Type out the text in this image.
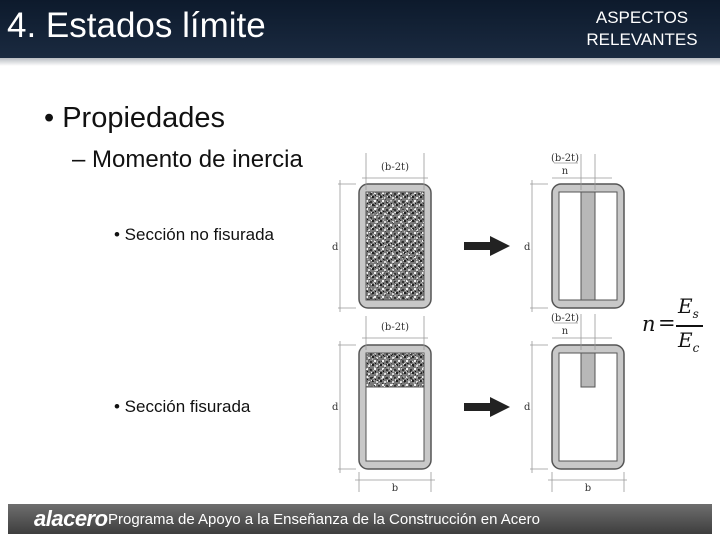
4. Estados límite	ASPECTOS
RELEVANTES
• Propiedades
– Momento de inercia
• Sección no fisurada
• Sección fisurada
(b-2t)
d
(b-2t)
n
d
(b-2t)
d
b
(b-2t)
n
d
b
n =
$E_s$
$E_c$
alacero Programa de Apoyo a la Enseñanza de la Construcción en Acero
